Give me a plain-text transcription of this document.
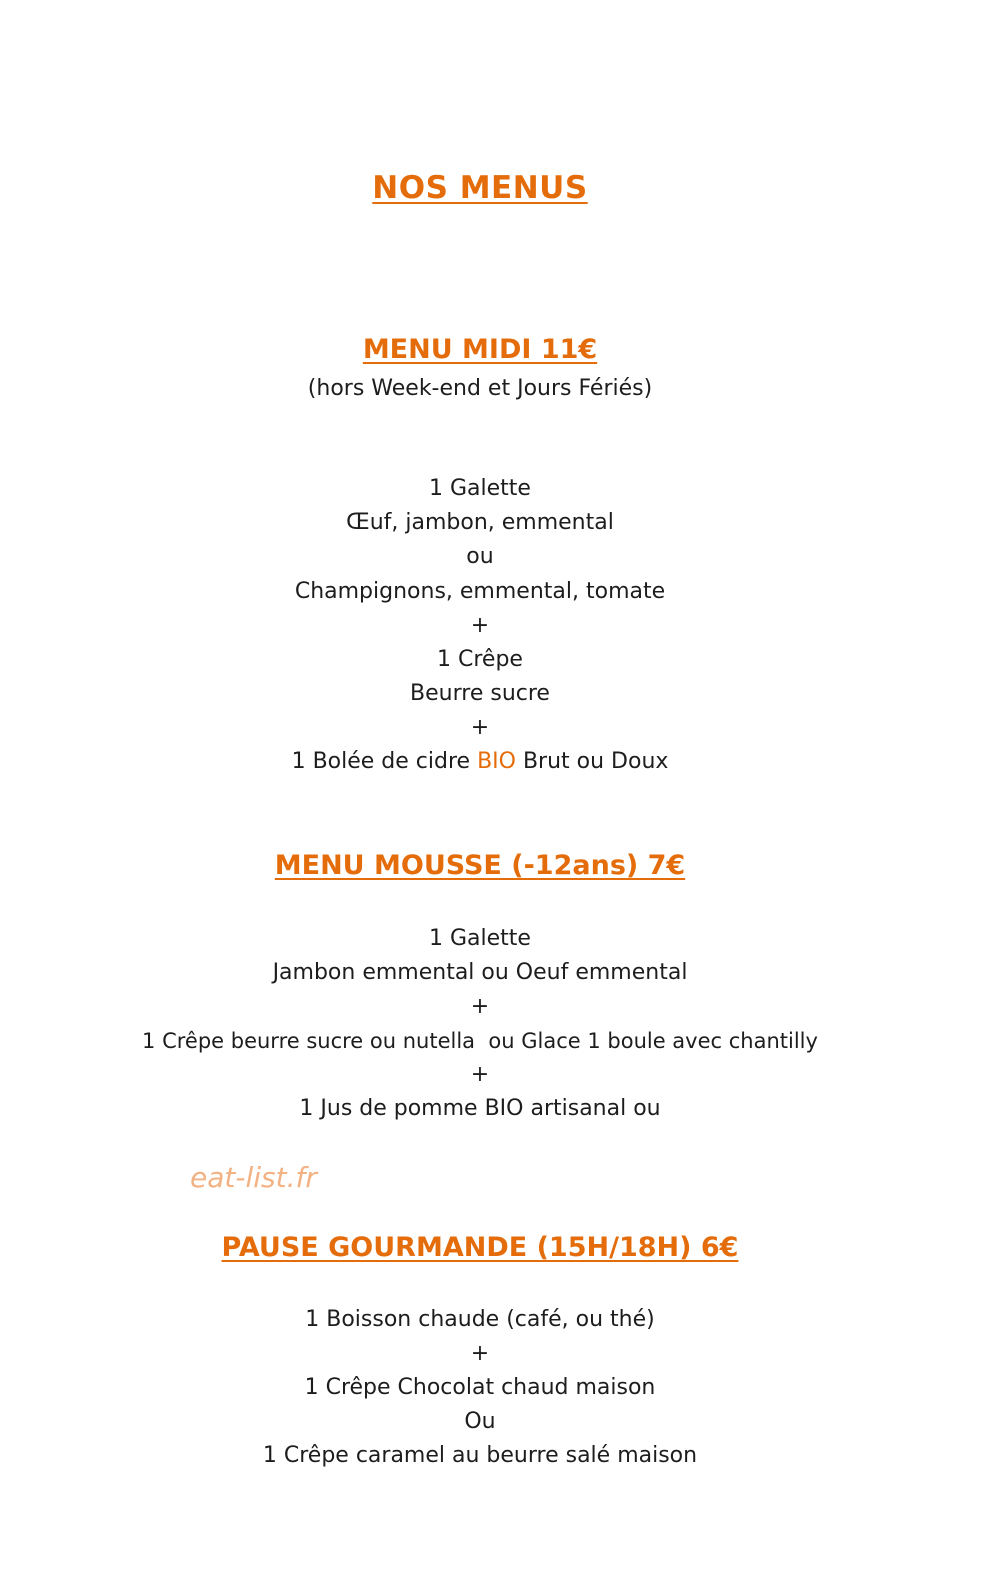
NOS MENUS
MENU MIDI 11€
(hors Week-end et Jours Fériés)
1 Galette
Œuf, jambon, emmental
ou
Champignons, emmental, tomate
+
1 Crêpe
Beurre sucre
+
1 Bolée de cidre BIO Brut ou Doux
MENU MOUSSE (-12ans) 7€
1 Galette
Jambon emmental ou Oeuf emmental
+
1 Crêpe beurre sucre ou nutella  ou Glace 1 boule avec chantilly
+
1 Jus de pomme BIO artisanal ou
eat-list.fr
PAUSE GOURMANDE (15H/18H) 6€
1 Boisson chaude (café, ou thé)
+
1 Crêpe Chocolat chaud maison
Ou
1 Crêpe caramel au beurre salé maison
